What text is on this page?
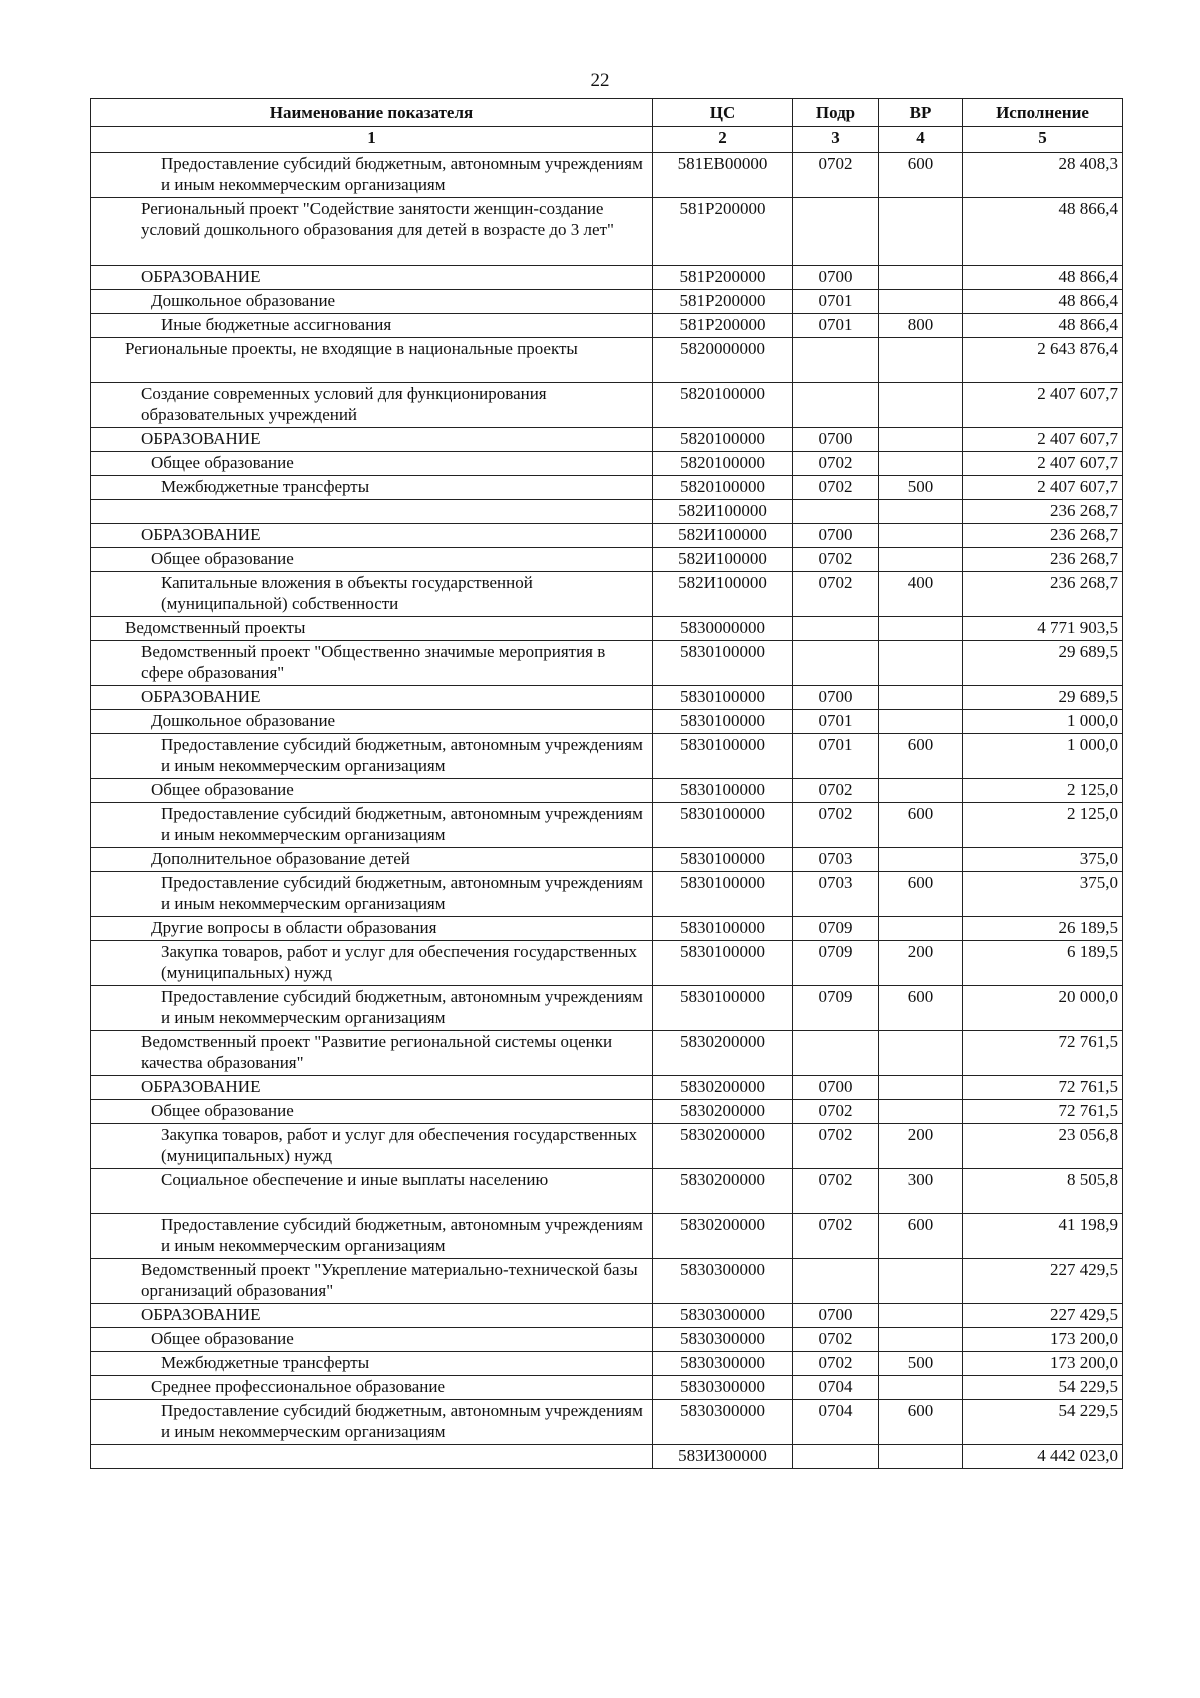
22
Наименование показателя	ЦС	Подр	ВР	Исполнение
1	2	3	4	5
Предоставление субсидий бюджетным, автономным учреждениям и иным некоммерческим организациям	581ЕВ00000	0702	600	28 408,3
Региональный проект "Содействие занятости женщин-создание условий дошкольного образования для детей в возрасте до 3 лет"	581Р200000			48 866,4
ОБРАЗОВАНИЕ	581Р200000	0700		48 866,4
Дошкольное образование	581Р200000	0701		48 866,4
Иные бюджетные ассигнования	581Р200000	0701	800	48 866,4
Региональные проекты, не входящие в национальные проекты	5820000000			2 643 876,4
Создание современных условий для функционирования образовательных учреждений	5820100000			2 407 607,7
ОБРАЗОВАНИЕ	5820100000	0700		2 407 607,7
Общее образование	5820100000	0702		2 407 607,7
Межбюджетные трансферты	5820100000	0702	500	2 407 607,7
	582И100000			236 268,7
ОБРАЗОВАНИЕ	582И100000	0700		236 268,7
Общее образование	582И100000	0702		236 268,7
Капитальные вложения в объекты государственной (муниципальной) собственности	582И100000	0702	400	236 268,7
Ведомственный проекты	5830000000			4 771 903,5
Ведомственный проект "Общественно значимые мероприятия в сфере образования"	5830100000			29 689,5
ОБРАЗОВАНИЕ	5830100000	0700		29 689,5
Дошкольное образование	5830100000	0701		1 000,0
Предоставление субсидий бюджетным, автономным учреждениям и иным некоммерческим организациям	5830100000	0701	600	1 000,0
Общее образование	5830100000	0702		2 125,0
Предоставление субсидий бюджетным, автономным учреждениям и иным некоммерческим организациям	5830100000	0702	600	2 125,0
Дополнительное образование детей	5830100000	0703		375,0
Предоставление субсидий бюджетным, автономным учреждениям и иным некоммерческим организациям	5830100000	0703	600	375,0
Другие вопросы в области образования	5830100000	0709		26 189,5
Закупка товаров, работ и услуг для обеспечения государственных (муниципальных) нужд	5830100000	0709	200	6 189,5
Предоставление субсидий бюджетным, автономным учреждениям и иным некоммерческим организациям	5830100000	0709	600	20 000,0
Ведомственный проект "Развитие региональной системы оценки качества образования"	5830200000			72 761,5
ОБРАЗОВАНИЕ	5830200000	0700		72 761,5
Общее образование	5830200000	0702		72 761,5
Закупка товаров, работ и услуг для обеспечения государственных (муниципальных) нужд	5830200000	0702	200	23 056,8
Социальное обеспечение и иные выплаты населению	5830200000	0702	300	8 505,8
Предоставление субсидий бюджетным, автономным учреждениям и иным некоммерческим организациям	5830200000	0702	600	41 198,9
Ведомственный проект "Укрепление материально-технической базы организаций образования"	5830300000			227 429,5
ОБРАЗОВАНИЕ	5830300000	0700		227 429,5
Общее образование	5830300000	0702		173 200,0
Межбюджетные трансферты	5830300000	0702	500	173 200,0
Среднее профессиональное образование	5830300000	0704		54 229,5
Предоставление субсидий бюджетным, автономным учреждениям и иным некоммерческим организациям	5830300000	0704	600	54 229,5
	583И300000			4 442 023,0
